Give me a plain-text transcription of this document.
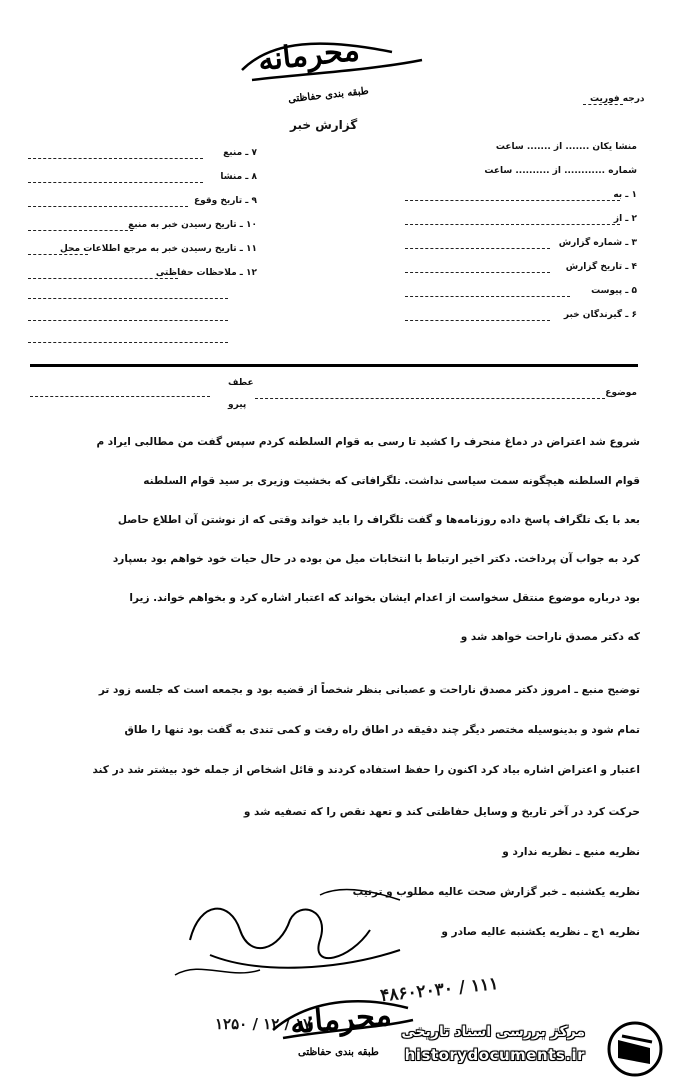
محرمانه
طبقه بندی حفاظتی
گزارش خبر
درجه فوریت
منشا یکان ....... از ....... ساعت
شماره ............ از .......... ساعت
۱ ـ به
۲ ـ از
۳ ـ شماره گزارش
۴ ـ تاریخ گزارش
۵ ـ پیوست
۶ ـ گیرندگان خبر
۷ ـ منبع
۸ ـ منشا
۹ ـ تاریخ وقوع
۱۰ ـ تاریخ رسیدن خبر به منبع
۱۱ ـ تاریخ رسیدن خبر به مرجع اطلاعات محل
۱۲ ـ ملاحظات حفاظتی
موضوع
عطف
پیرو
شروع شد اعتراض در دماغ منحرف را کشید تا رسی به قوام السلطنه کردم سپس گفت من مطالبی ایراد م
قوام السلطنه هیچگونه سمت سیاسی نداشت. تلگرافاتی که بخشیت وزیری بر سید قوام السلطنه
بعد با یک تلگراف پاسخ داده روزنامه‌ها و گفت تلگراف را باید خواند وقتی که از نوشتن آن اطلاع حاصل
کرد به جواب آن پرداخت. دکتر اخیر ارتباط با انتخابات میل من بوده در حال حیات خود خواهم بود بسپارد
بود درباره موضوع منتقل سخواست از اعدام ایشان بخواند که اعتبار اشاره کرد و بخواهم خواند. زیرا
که دکتر مصدق ناراحت خواهد شد و
توضیح منبع ـ امروز دکتر مصدق ناراحت و عصبانی بنظر شخصاً از قضیه بود و بجمعه است که جلسه زود تر
تمام شود و بدینوسیله مختصر دیگر چند دقیقه در اطاق راه رفت و کمی تندی به گفت بود تنها را طاق
اعتبار و اعتراض اشاره بیاد کرد اکنون را حفظ استفاده کردند و قائل اشخاص از جمله خود بیشتر شد در کند
حرکت کرد در آخر تاریخ و وسایل حفاظتی کند و تعهد نقص را که تصفیه شد و
نظریه منبع ـ نظریه ندارد و
نظریه یکشنبه ـ خبر گزارش صحت عالیه مطلوب و ترتیب
نظریه ۱ج ـ نظریه یکشنبه عالیه صادر و
۱۲۵۰ / ۱۲ / ۱۷
۴۸۶۰۲۰۳۰ / ۱۱۱
محرمانه
طبقه بندی حفاظتی
مرکز بررسی اسناد تاریخی
historydocuments.ir
